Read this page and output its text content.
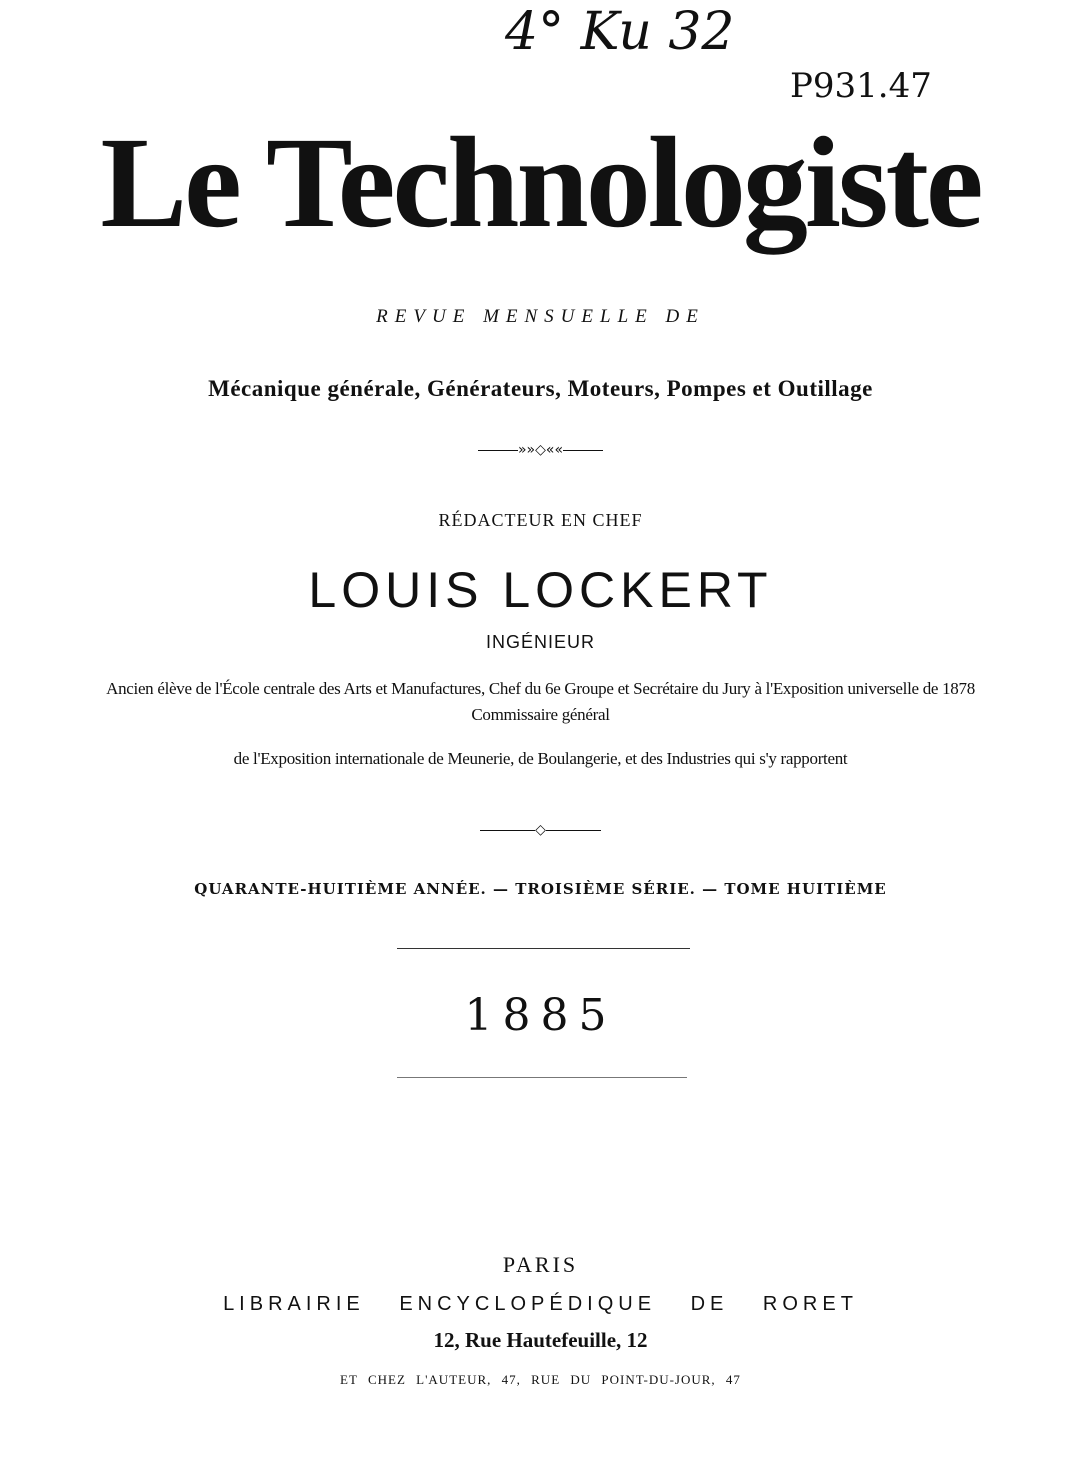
4° Ku 32
P931.47
Le Technologiste
REVUE MENSUELLE DE
Mécanique générale, Générateurs, Moteurs, Pompes et Outillage
»»◇««
RÉDACTEUR EN CHEF
LOUIS LOCKERT
INGÉNIEUR
Ancien élève de l'École centrale des Arts et Manufactures, Chef du 6e Groupe et Secrétaire du Jury à l'Exposition universelle de 1878
Commissaire général
de l'Exposition internationale de Meunerie, de Boulangerie, et des Industries qui s'y rapportent
◇
QUARANTE-HUITIÈME ANNÉE. — TROISIÈME SÉRIE. — TOME HUITIÈME
1885
PARIS
LIBRAIRIE ENCYCLOPÉDIQUE DE RORET
12, Rue Hautefeuille, 12
ET CHEZ L'AUTEUR, 47, RUE DU POINT-DU-JOUR, 47
